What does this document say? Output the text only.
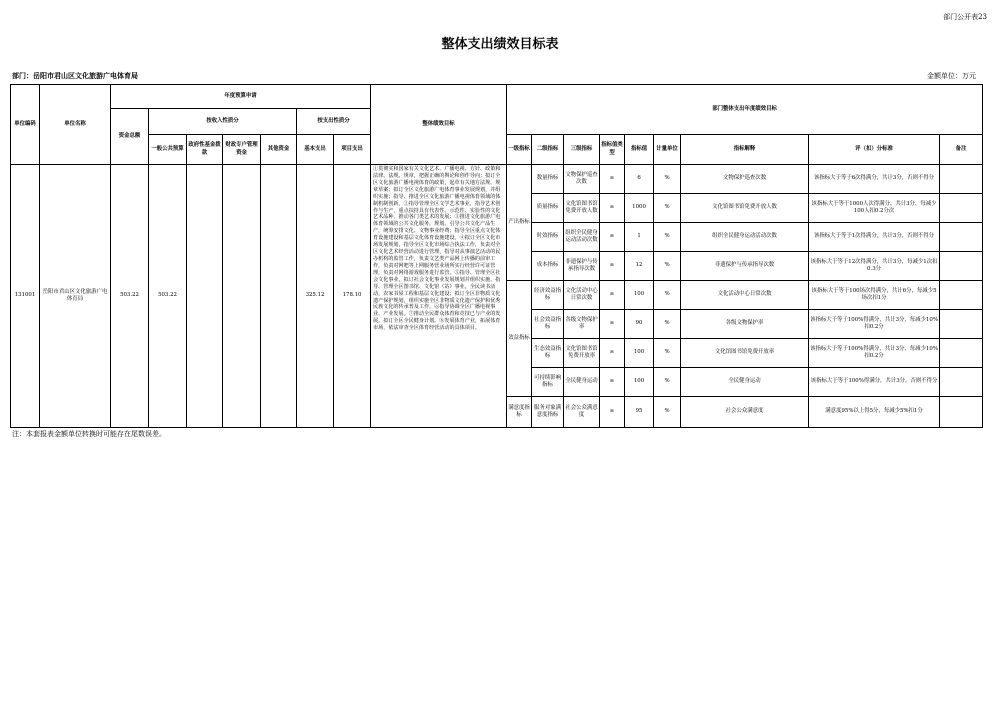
部门公开表23
整体支出绩效目标表
部门：岳阳市君山区文化旅游广电体育局	金额单位：万元
单位编码	单位名称	年度预算申请							整体绩效目标	部门整体支出年度绩效目标								
		资金总额	按收入性质分				按支出性质分											
			一般公共预算	政府性基金拨款	财政专户管理资金	其他资金	基本支出	项目支出		一级指标	二级指标	三级指标	指标值类型	指标值	计量单位	指标解释	评（扣）分标准	备注
131001	岳阳市君山区文化旅游广电体育局	503.22	503.22				325.12	178.10	①贯彻实和国家有关文化艺术、广播电视、方针、政策和法律、法规、规章，把握正确的舆论和创作导向；拟订全区文化旅游广播电视体育的政策，起草有关地方法规、规章草案；拟订全区文化旅游广电体育事业发展规划，并组织实施；指导、推进全区文化旅游广播电视体育领域的体制机制创新。②指导管理全区文学艺术事业，指导艺术创作与生产，重点扶持具有代表性、示范性、实验性的文化艺术品种，推动各门类艺术的发展；③推进文化旅游广电体育领域的公共文化服务，规划、引导公共文化产品生产，统筹安排文化、文物事业经费；指导全区重点文化体育设施建设和基层文化体育设施建设。④拟订全区文化市场发展规划，指导全区文化市场综合执法工作，负责对全区文化艺术经营活动进行管理，指导对从事演艺活动的民办机构的监管工作，负责文艺类产品网上传播的前审工作，负责对网吧等上网服务营业场所实行经营许可证管理，负责对网络游戏服务进行监管。⑤指导、管理全区社会文化事业，拟订社会文化事业发展规划并组织实施，指导、管理全区图书馆、文化馆（站）事业，全民读书活动，农家书屋工程和基层文化建设；拟订全区非物质文化遗产保护规划，组织实施全区非物质文化遗产保护和优秀民族文化的传承普及工作。⑥指导协调全区广播电视事业、产业发展。⑦推动全民群众体育和竞技已与产业的发展。拟订全区全民健身计划。⑧发展体育产业，拓展体育市场，依法审查全区体育经营活动的具体项目。	产出指标	数量指标	文物保护巡查次数	≥	6	%	文物保护巡查次数	该指标大于等于6次得满分，共计3分，否则不得分	
											质量指标	文化馆图书馆免费开放人数	≥	1000	%	文化馆图书馆免费开放人数	该指标大于等于1000人次得满分，共计3分，每减少100人扣0.2分次	
											时效指标	组织全民健身运动活动次数	≥	1	%	组织全民健身运动活动次数	该指标大于等于1次得满分，共计3分，否则不得分	
											成本指标	非遗保护与传承指导次数	≥	12	%	非遗保护与传承指导次数	该指标大于等于12次得满分，共计3分，每减少1次扣0.3分	
										效益指标	经济效益指标	文化活动中心日常次数	≥	100	%	文化活动中心日常次数	该指标大于等于100场次得满分，共计6分，每减少5场次扣1分	
											社会效益指标	各级文物保护率	≥	90	%	各级文物保护率	该指标大于等于100%得满分，共计3分，每减少10%扣0.2分	
											生态效益指标	文化馆图书馆免费开放率	≥	100	%	文化馆图书馆免费开放率	该指标大于等于100%得满分，共计3分，每减少10%扣0.2分	
											可持续影响指标	全民健身运动	≥	100	%	全民健身运动	该指标大于等于100%得满分，共计3分，否则不得分	
										满意度指标	服务对象满意度指标	社会公众满意度	≥	95	%	社会公众满意度	满意度95%以上得5分，每减少5%扣1分	
注：本套报表金额单位转换时可能存在尾数误差。
